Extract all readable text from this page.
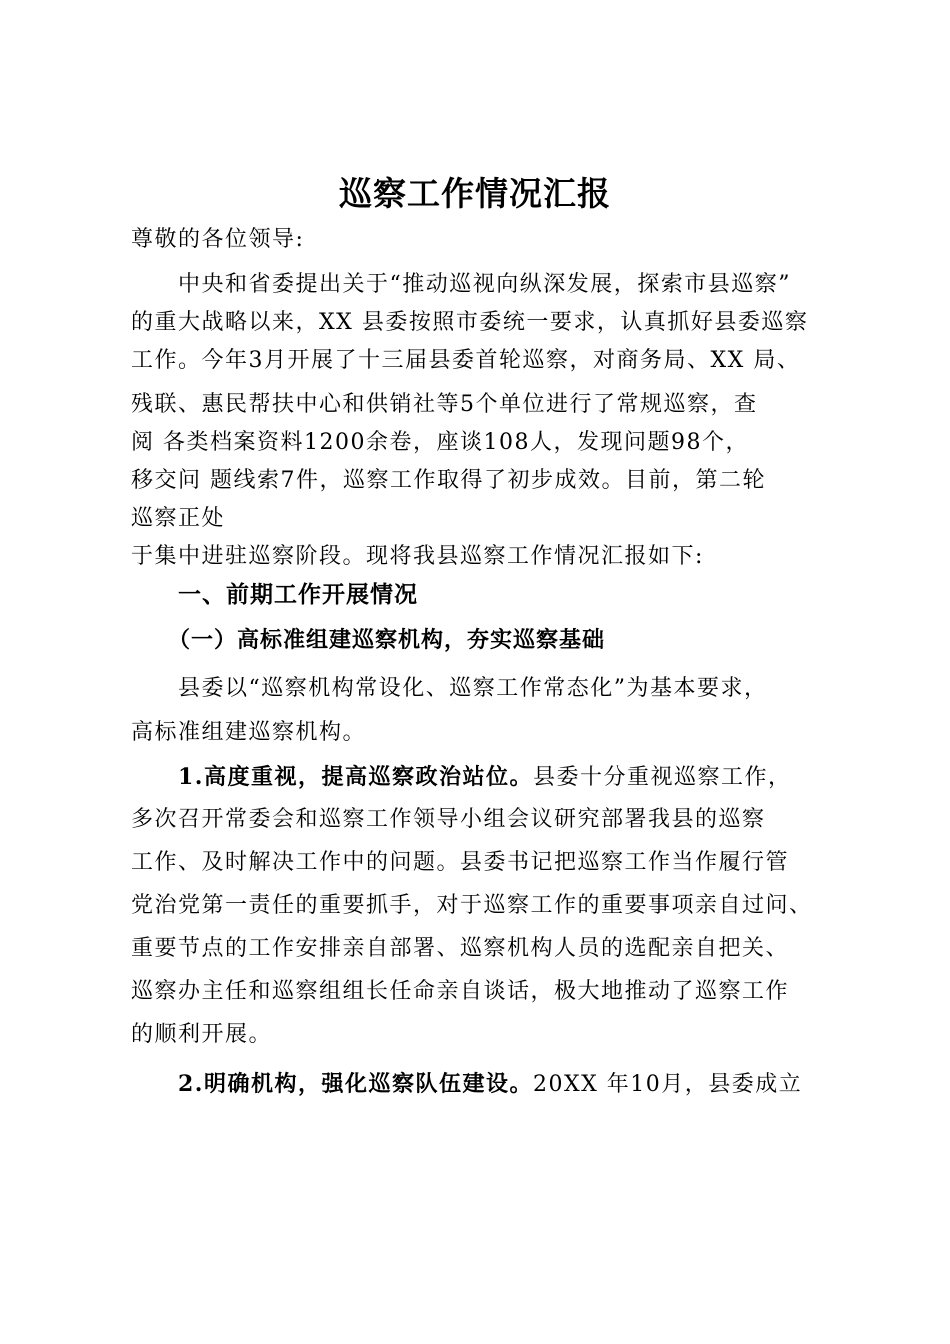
巡察工作情况汇报
尊敬的各位领导:
中央和省委提出关于“推动巡视向纵深发展，探索市县巡察”
的重大战略以来，XX 县委按照市委统一要求，认真抓好县委巡察
工作。今年3月开展了十三届县委首轮巡察，对商务局、XX 局、
残联、惠民帮扶中心和供销社等5个单位进行了常规巡察，查
阅 各类档案资料1200余卷，座谈108人，发现问题98个，
移交问 题线索7件，巡察工作取得了初步成效。目前，第二轮
巡察正处
于集中进驻巡察阶段。现将我县巡察工作情况汇报如下:
一、前期工作开展情况
（一）高标准组建巡察机构，夯实巡察基础
县委以“巡察机构常设化、巡察工作常态化”为基本要求，
高标准组建巡察机构。
1.高度重视，提高巡察政治站位。县委十分重视巡察工作，
多次召开常委会和巡察工作领导小组会议研究部署我县的巡察
工作、及时解决工作中的问题。县委书记把巡察工作当作履行管
党治党第一责任的重要抓手，对于巡察工作的重要事项亲自过问、
重要节点的工作安排亲自部署、巡察机构人员的选配亲自把关、
巡察办主任和巡察组组长任命亲自谈话，极大地推动了巡察工作
的顺利开展。
2.明确机构，强化巡察队伍建设。20XX 年10月，县委成立
